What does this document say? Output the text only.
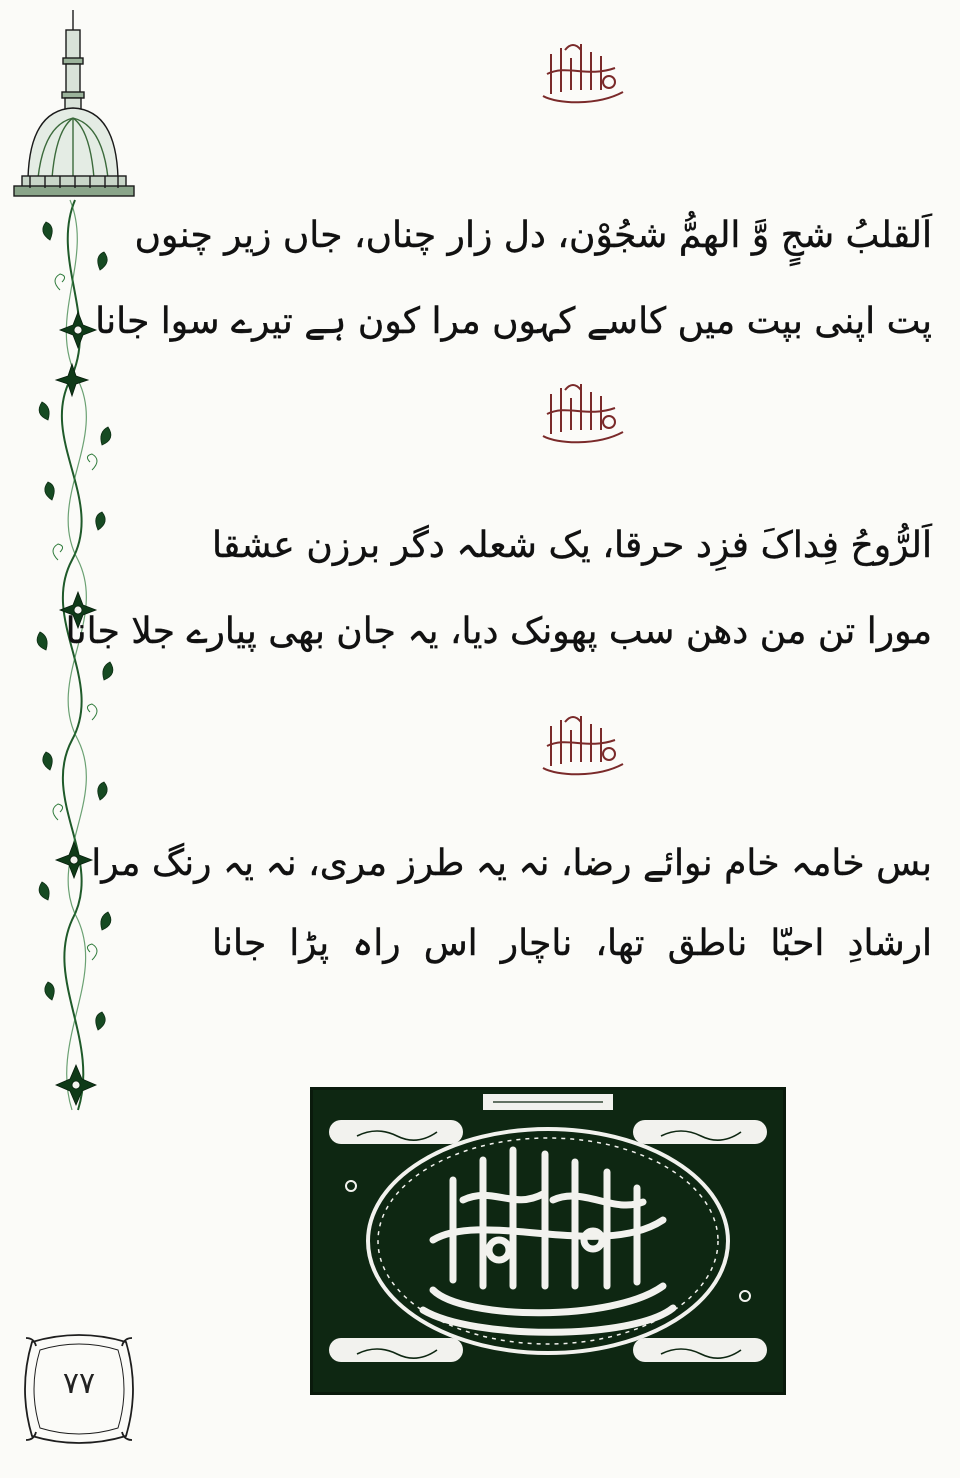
اَلقلبُ شجٍ وَّ الھمُّ شجُوْن، دل زار چناں، جاں زیر چنوں
پت اپنی بپت میں کاسے کہوں مرا کون ہے تیرے سوا جانا
اَلرُّوحُ فِداکَ فزِد حرقا، یک شعلہ دگر برزن عشقا
مورا تن من دھن سب پھونک دیا، یہ جان بھی پیارے جلا جانا
بس خامہ خام نوائے رضا، نہ یہ طرز مری، نہ یہ رنگ مرا
ارشادِ احبّا ناطق تھا، ناچار اس راہ پڑا جانا
۷۷
